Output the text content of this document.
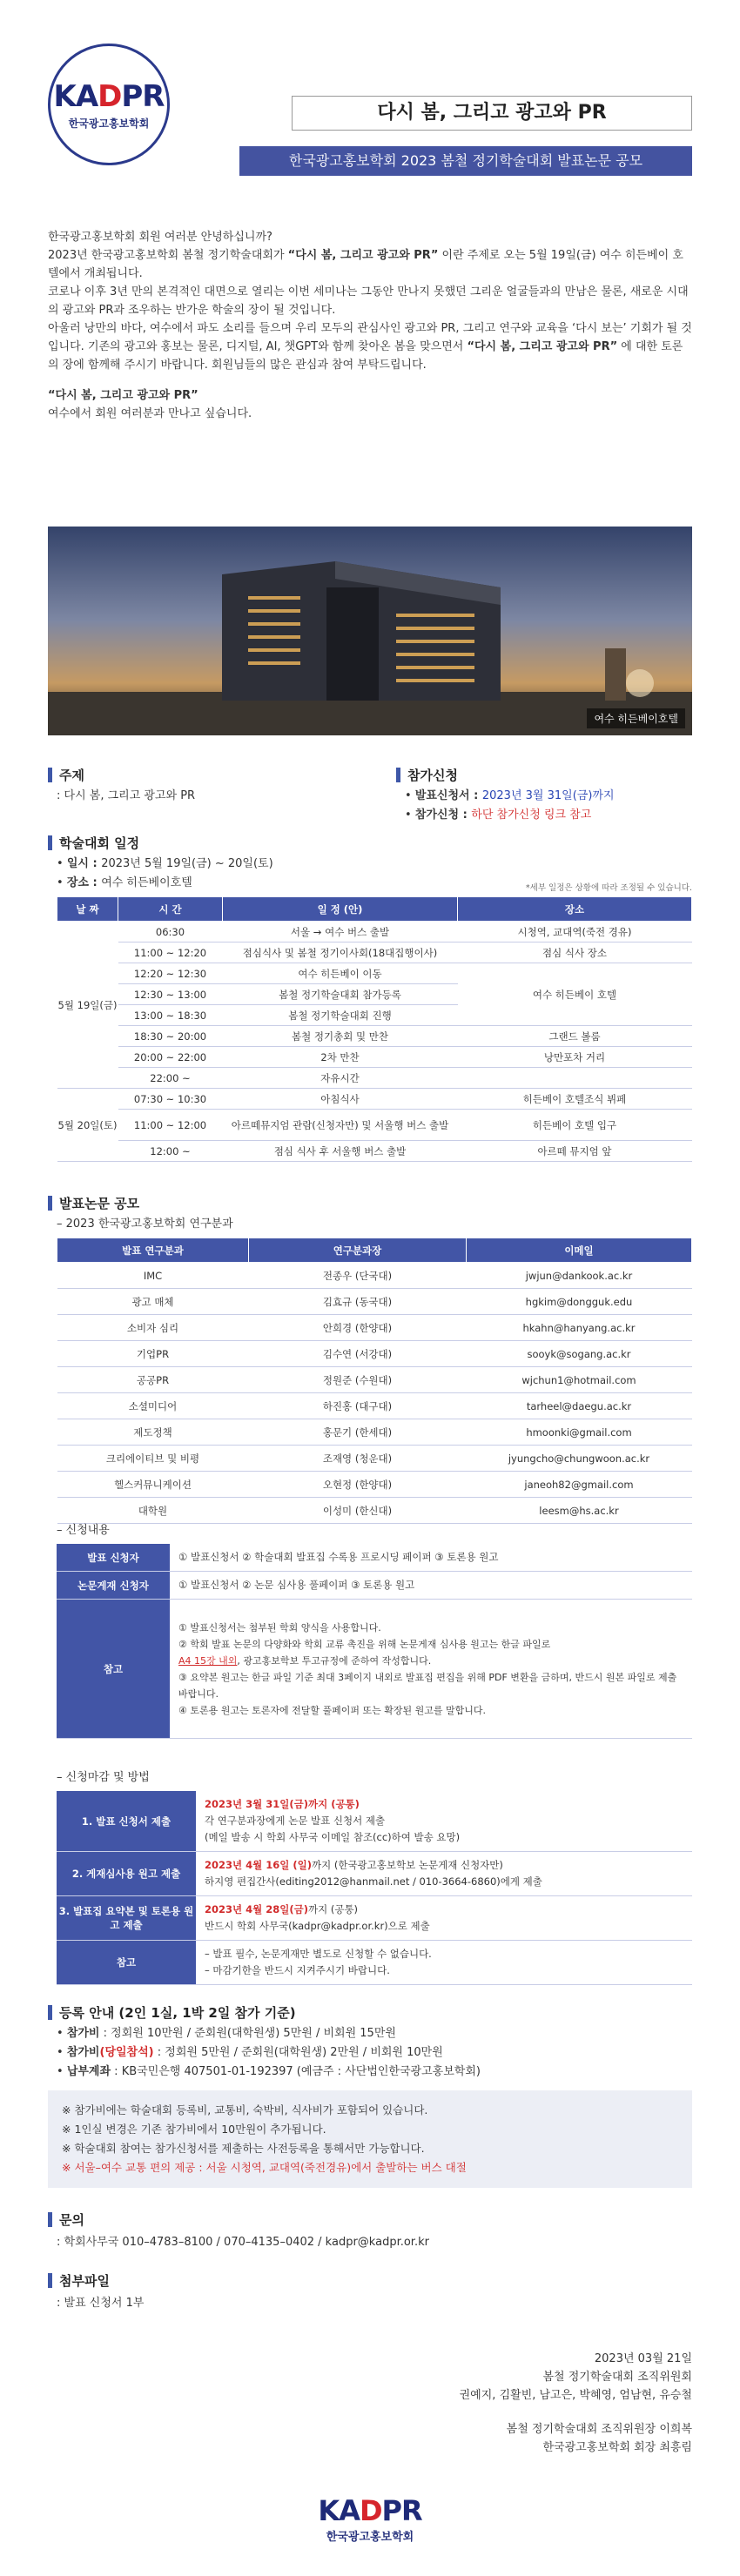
KADPR
한국광고홍보학회	다시 봄, 그리고 광고와 PR
한국광고홍보학회 2023 봄철 정기학술대회 발표논문 공모

한국광고홍보학회 회원 여러분 안녕하십니까?

2023년 한국광고홍보학회 봄철 정기학술대회가 “다시 봄, 그리고 광고와 PR” 이란 주제로 오는 5월 19일(금) 여수 히든베이 호텔에서 개최됩니다.

코로나 이후 3년 만의 본격적인 대면으로 열리는 이번 세미나는 그동안 만나지 못했던 그리운 얼굴들과의 만남은 물론, 새로운 시대의 광고와 PR과 조우하는 반가운 학술의 장이 될 것입니다.

아울러 낭만의 바다, 여수에서 파도 소리를 들으며 우리 모두의 관심사인 광고와 PR, 그리고 연구와 교육을 ‘다시 보는’ 기회가 될 것입니다. 기존의 광고와 홍보는 물론, 디지털, AI, 챗GPT와 함께 찾아온 봄을 맞으면서 “다시 봄, 그리고 광고와 PR” 에 대한 토론의 장에 함께해 주시기 바랍니다. 회원님들의 많은 관심과 참여 부탁드립니다.

“다시 봄, 그리고 광고와 PR”

여수에서 회원 여러분과 만나고 싶습니다.

여수 히든베이호텔
주제
: 다시 봄, 그리고 광고와 PR
참가신청
• 발표신청서 : 2023년 3월 31일(금)까지
• 참가신청 : 하단 참가신청 링크 참고
학술대회 일정
• 일시 : 2023년 5월 19일(금) ~ 20일(토)
• 장소 : 여수 히든베이호텔	*세부 일정은 상황에 따라 조정될 수 있습니다.
날 짜	시 간	일 정 (안)	장소
5월 19일(금)	06:30	서울 → 여수 버스 출발	시청역, 교대역(죽전 경유)
	11:00 ~ 12:20	점심식사 및 봄철 정기이사회(18대집행이사)	점심 식사 장소
	12:20 ~ 12:30	여수 히든베이 이동	여수 히든베이 호텔
	12:30 ~ 13:00	봄철 정기학술대회 참가등록	
	13:00 ~ 18:30	봄철 정기학술대회 진행	
	18:30 ~ 20:00	봄철 정기총회 및 만찬	그랜드 볼룸
	20:00 ~ 22:00	2차 만찬	낭만포차 거리
	22:00 ~	자유시간	
5월 20일(토)	07:30 ~ 10:30	아침식사	히든베이 호텔조식 뷔페
	11:00 ~ 12:00	아르떼뮤지엄 관람(신청자만) 및 서울행 버스 출발	히든베이 호텔 입구
	12:00 ~	점심 식사 후 서울행 버스 출발	아르떼 뮤지엄 앞
발표논문 공모
– 2023 한국광고홍보학회 연구분과
발표 연구분과	연구분과장	이메일
IMC	전종우 (단국대)	jwjun@dankook.ac.kr
광고 매체	김효규 (동국대)	hgkim@dongguk.edu
소비자 심리	안희경 (한양대)	hkahn@hanyang.ac.kr
기업PR	김수연 (서강대)	sooyk@sogang.ac.kr
공공PR	정원준 (수원대)	wjchun1@hotmail.com
소셜미디어	하진홍 (대구대)	tarheel@daegu.ac.kr
제도정책	홍문기 (한세대)	hmoonki@gmail.com
크리에이티브 및 비평	조재영 (청운대)	jyungcho@chungwoon.ac.kr
헬스커뮤니케이션	오현정 (한양대)	janeoh82@gmail.com
대학원	이성미 (한신대)	leesm@hs.ac.kr
– 신청내용
발표 신청자	① 발표신청서 ② 학술대회 발표집 수록용 프로시딩 페이퍼 ③ 토론용 원고
논문게재 신청자	① 발표신청서 ② 논문 심사용 풀페이퍼 ③ 토론용 원고
참고	① 발표신청서는 첨부된 학회 양식을 사용합니다.
② 학회 발표 논문의 다양화와 학회 교류 촉진을 위해 논문게재 심사용 원고는 한글 파일로
A4 15장 내외, 광고홍보학보 투고규정에 준하여 작성합니다.
③ 요약본 원고는 한글 파일 기준 최대 3페이지 내외로 발표집 편집을 위해 PDF 변환을 금하며, 반드시 원본 파일로 제출 바랍니다.
④ 토론용 원고는 토론자에 전달할 풀페이퍼 또는 확장된 원고를 말합니다.
– 신청마감 및 방법
1. 발표 신청서 제출	2023년 3월 31일(금)까지 (공통)
각 연구분과장에게 논문 발표 신청서 제출
(메일 발송 시 학회 사무국 이메일 참조(cc)하여 발송 요망)

2. 게재심사용 원고 제출	2023년 4월 16일 (일)까지 (한국광고홍보학보 논문게재 신청자만)
하지영 편집간사(editing2012@hanmail.net / 010-3664-6860)에게 제출

3. 발표집 요약본 및 토론용 원고 제출	2023년 4월 28일(금)까지 (공통)
반드시 학회 사무국(kadpr@kadpr.or.kr)으로 제출

참고	– 발표 필수, 논문게재만 별도로 신청할 수 없습니다.
– 마감기한을 반드시 지켜주시기 바랍니다.
등록 안내 (2인 1실, 1박 2일 참가 기준)
• 참가비 : 정회원 10만원 / 준회원(대학원생) 5만원 / 비회원 15만원
• 참가비(당일참석) : 정회원 5만원 / 준회원(대학원생) 2만원 / 비회원 10만원
• 납부계좌 : KB국민은행 407501-01-192397 (예금주 : 사단법인한국광고홍보학회)
※ 참가비에는 학술대회 등록비, 교통비, 숙박비, 식사비가 포함되어 있습니다.
※ 1인실 변경은 기존 참가비에서 10만원이 추가됩니다.
※ 학술대회 참여는 참가신청서를 제출하는 사전등록을 통해서만 가능합니다.
※ 서울–여수 교통 편의 제공 : 서울 시청역, 교대역(죽전경유)에서 출발하는 버스 대절
문의
: 학회사무국 010–4783–8100 / 070–4135–0402 / kadpr@kadpr.or.kr
첨부파일
: 발표 신청서 1부
2023년 03월 21일
봄철 정기학술대회 조직위원회
권예지, 김활빈, 남고은, 박혜영, 엄남현, 유승철
봄철 정기학술대회 조직위원장 이희복
한국광고홍보학회 회장 최흥림
KADPR
한국광고홍보학회
